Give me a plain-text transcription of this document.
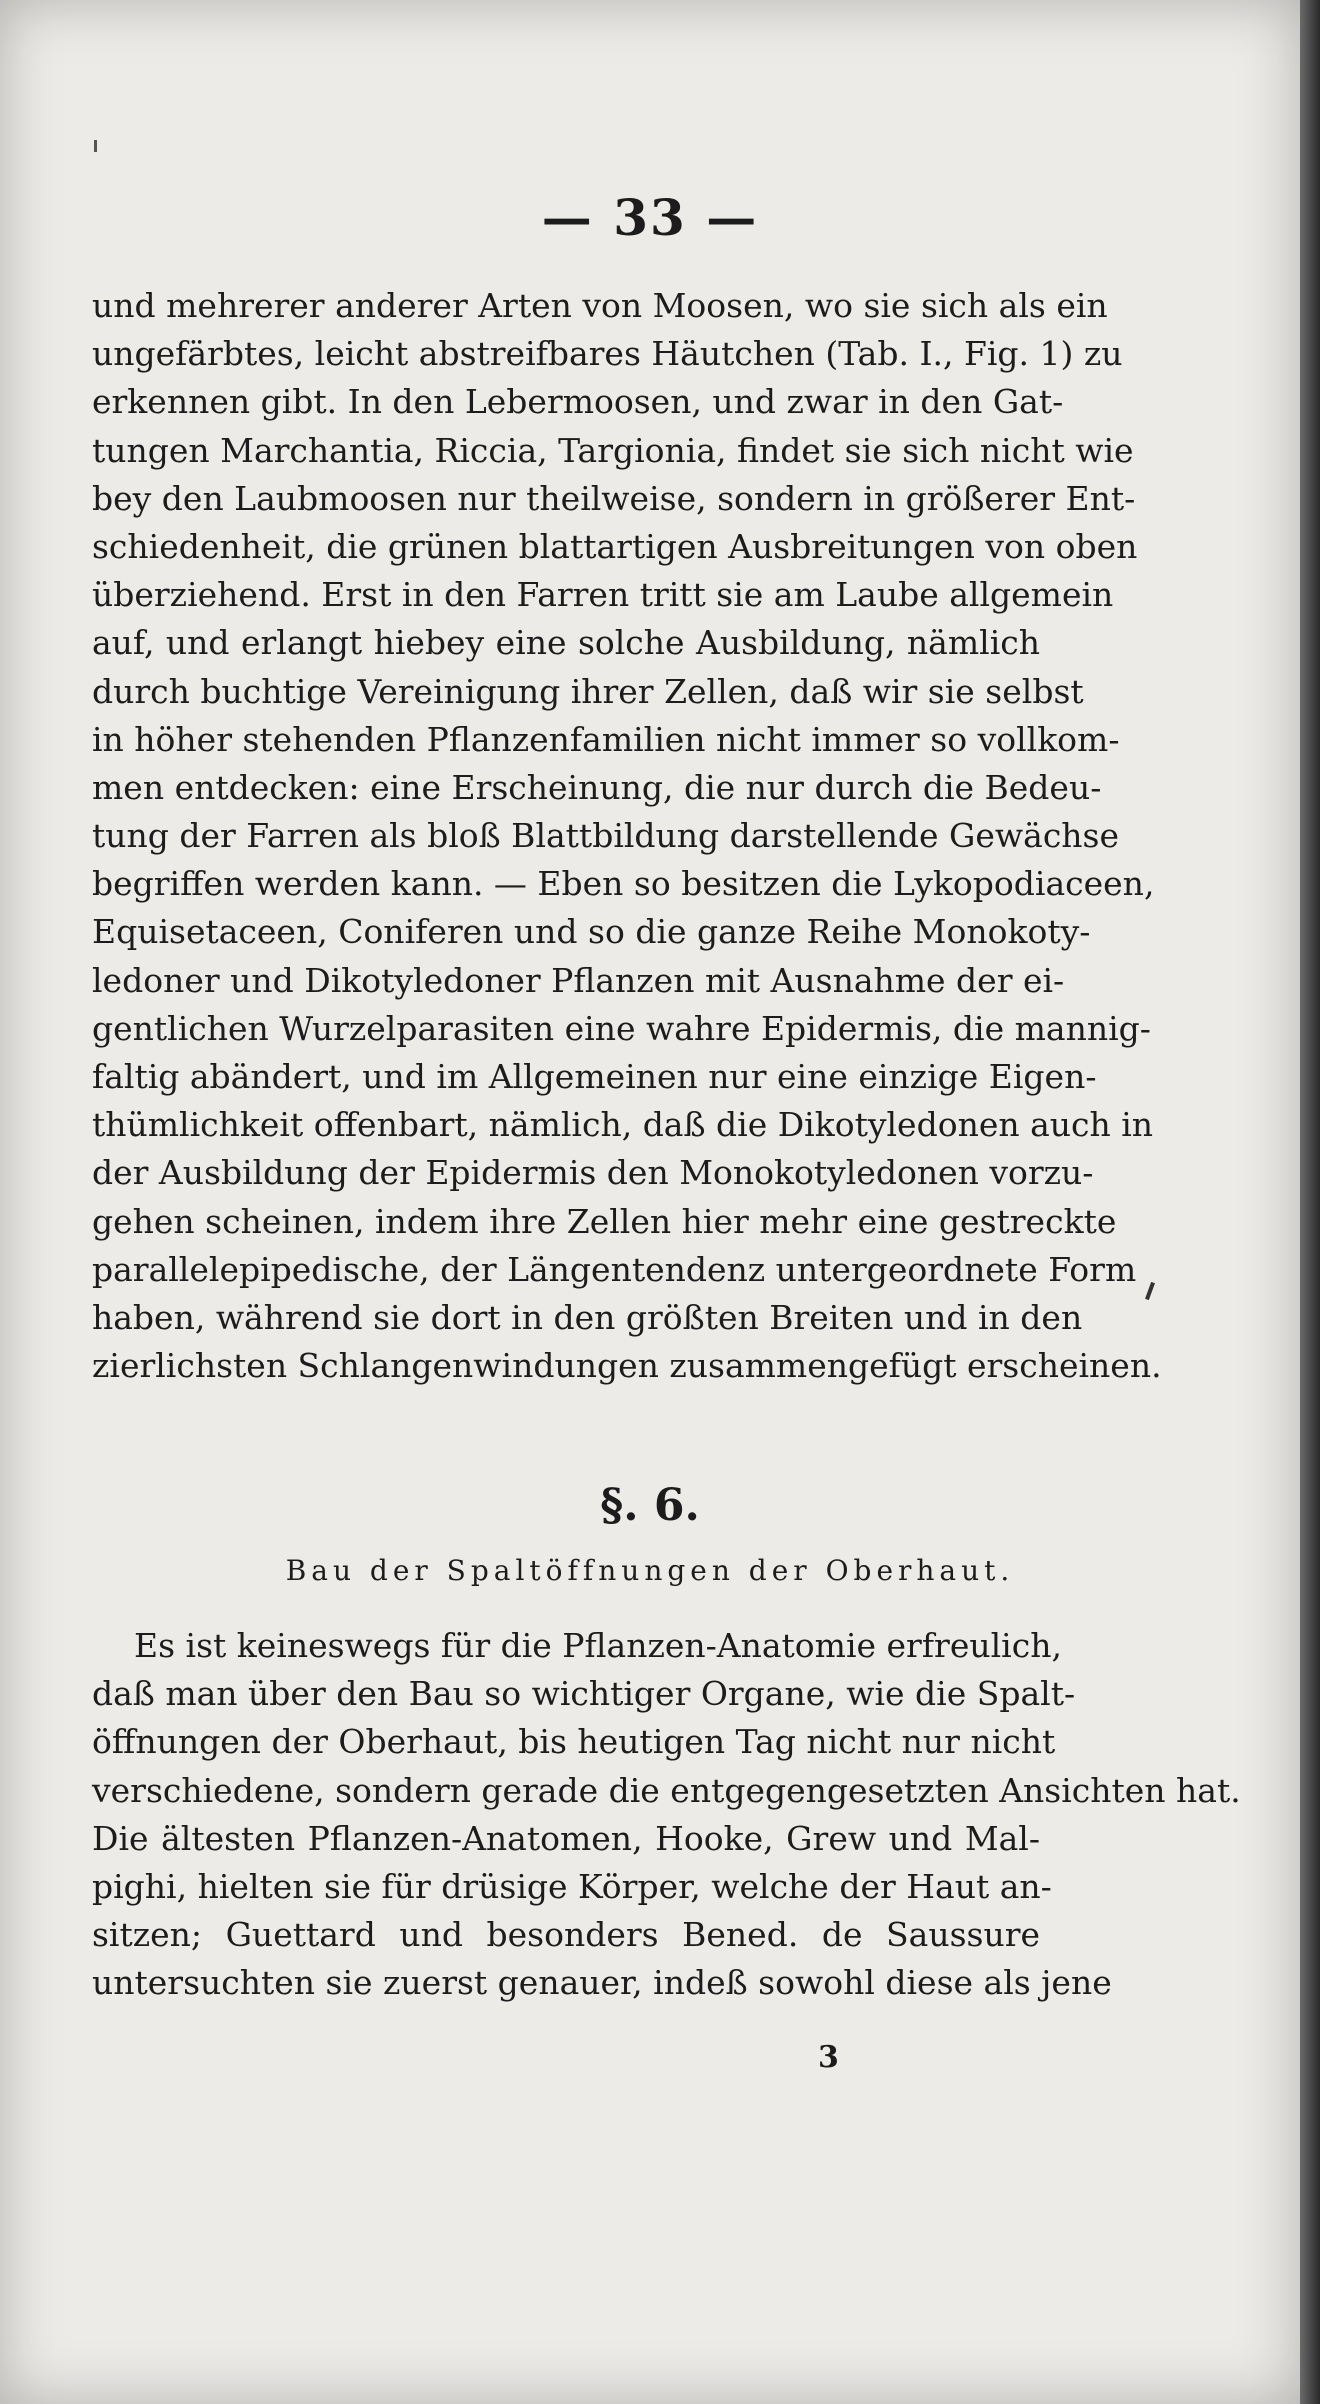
— 33 —
und mehrerer anderer Arten von Moosen, wo sie sich als ein
ungefärbtes, leicht abstreifbares Häutchen (Tab. I., Fig. 1) zu
erkennen gibt. In den Lebermoosen, und zwar in den Gat-
tungen Marchantia, Riccia, Targionia, findet sie sich nicht wie
bey den Laubmoosen nur theilweise, sondern in größerer Ent-
schiedenheit, die grünen blattartigen Ausbreitungen von oben
überziehend. Erst in den Farren tritt sie am Laube allgemein
auf, und erlangt hiebey eine solche Ausbildung, nämlich
durch buchtige Vereinigung ihrer Zellen, daß wir sie selbst
in höher stehenden Pflanzenfamilien nicht immer so vollkom-
men entdecken: eine Erscheinung, die nur durch die Bedeu-
tung der Farren als bloß Blattbildung darstellende Gewächse
begriffen werden kann. — Eben so besitzen die Lykopodiaceen,
Equisetaceen, Coniferen und so die ganze Reihe Monokoty-
ledoner und Dikotyledoner Pflanzen mit Ausnahme der ei-
gentlichen Wurzelparasiten eine wahre Epidermis, die mannig-
faltig abändert, und im Allgemeinen nur eine einzige Eigen-
thümlichkeit offenbart, nämlich, daß die Dikotyledonen auch in
der Ausbildung der Epidermis den Monokotyledonen vorzu-
gehen scheinen, indem ihre Zellen hier mehr eine gestreckte
parallelepipedische, der Längentendenz untergeordnete Form
haben, während sie dort in den größten Breiten und in den
zierlichsten Schlangenwindungen zusammengefügt erscheinen.
§. 6.
Bau der Spaltöffnungen der Oberhaut.
Es ist keineswegs für die Pflanzen-Anatomie erfreulich,
daß man über den Bau so wichtiger Organe, wie die Spalt-
öffnungen der Oberhaut, bis heutigen Tag nicht nur nicht
verschiedene, sondern gerade die entgegengesetzten Ansichten hat.
Die ältesten Pflanzen-Anatomen, Hooke, Grew und Mal-
pighi, hielten sie für drüsige Körper, welche der Haut an-
sitzen; Guettard und besonders Bened. de Saussure
untersuchten sie zuerst genauer, indeß sowohl diese als jene
3
